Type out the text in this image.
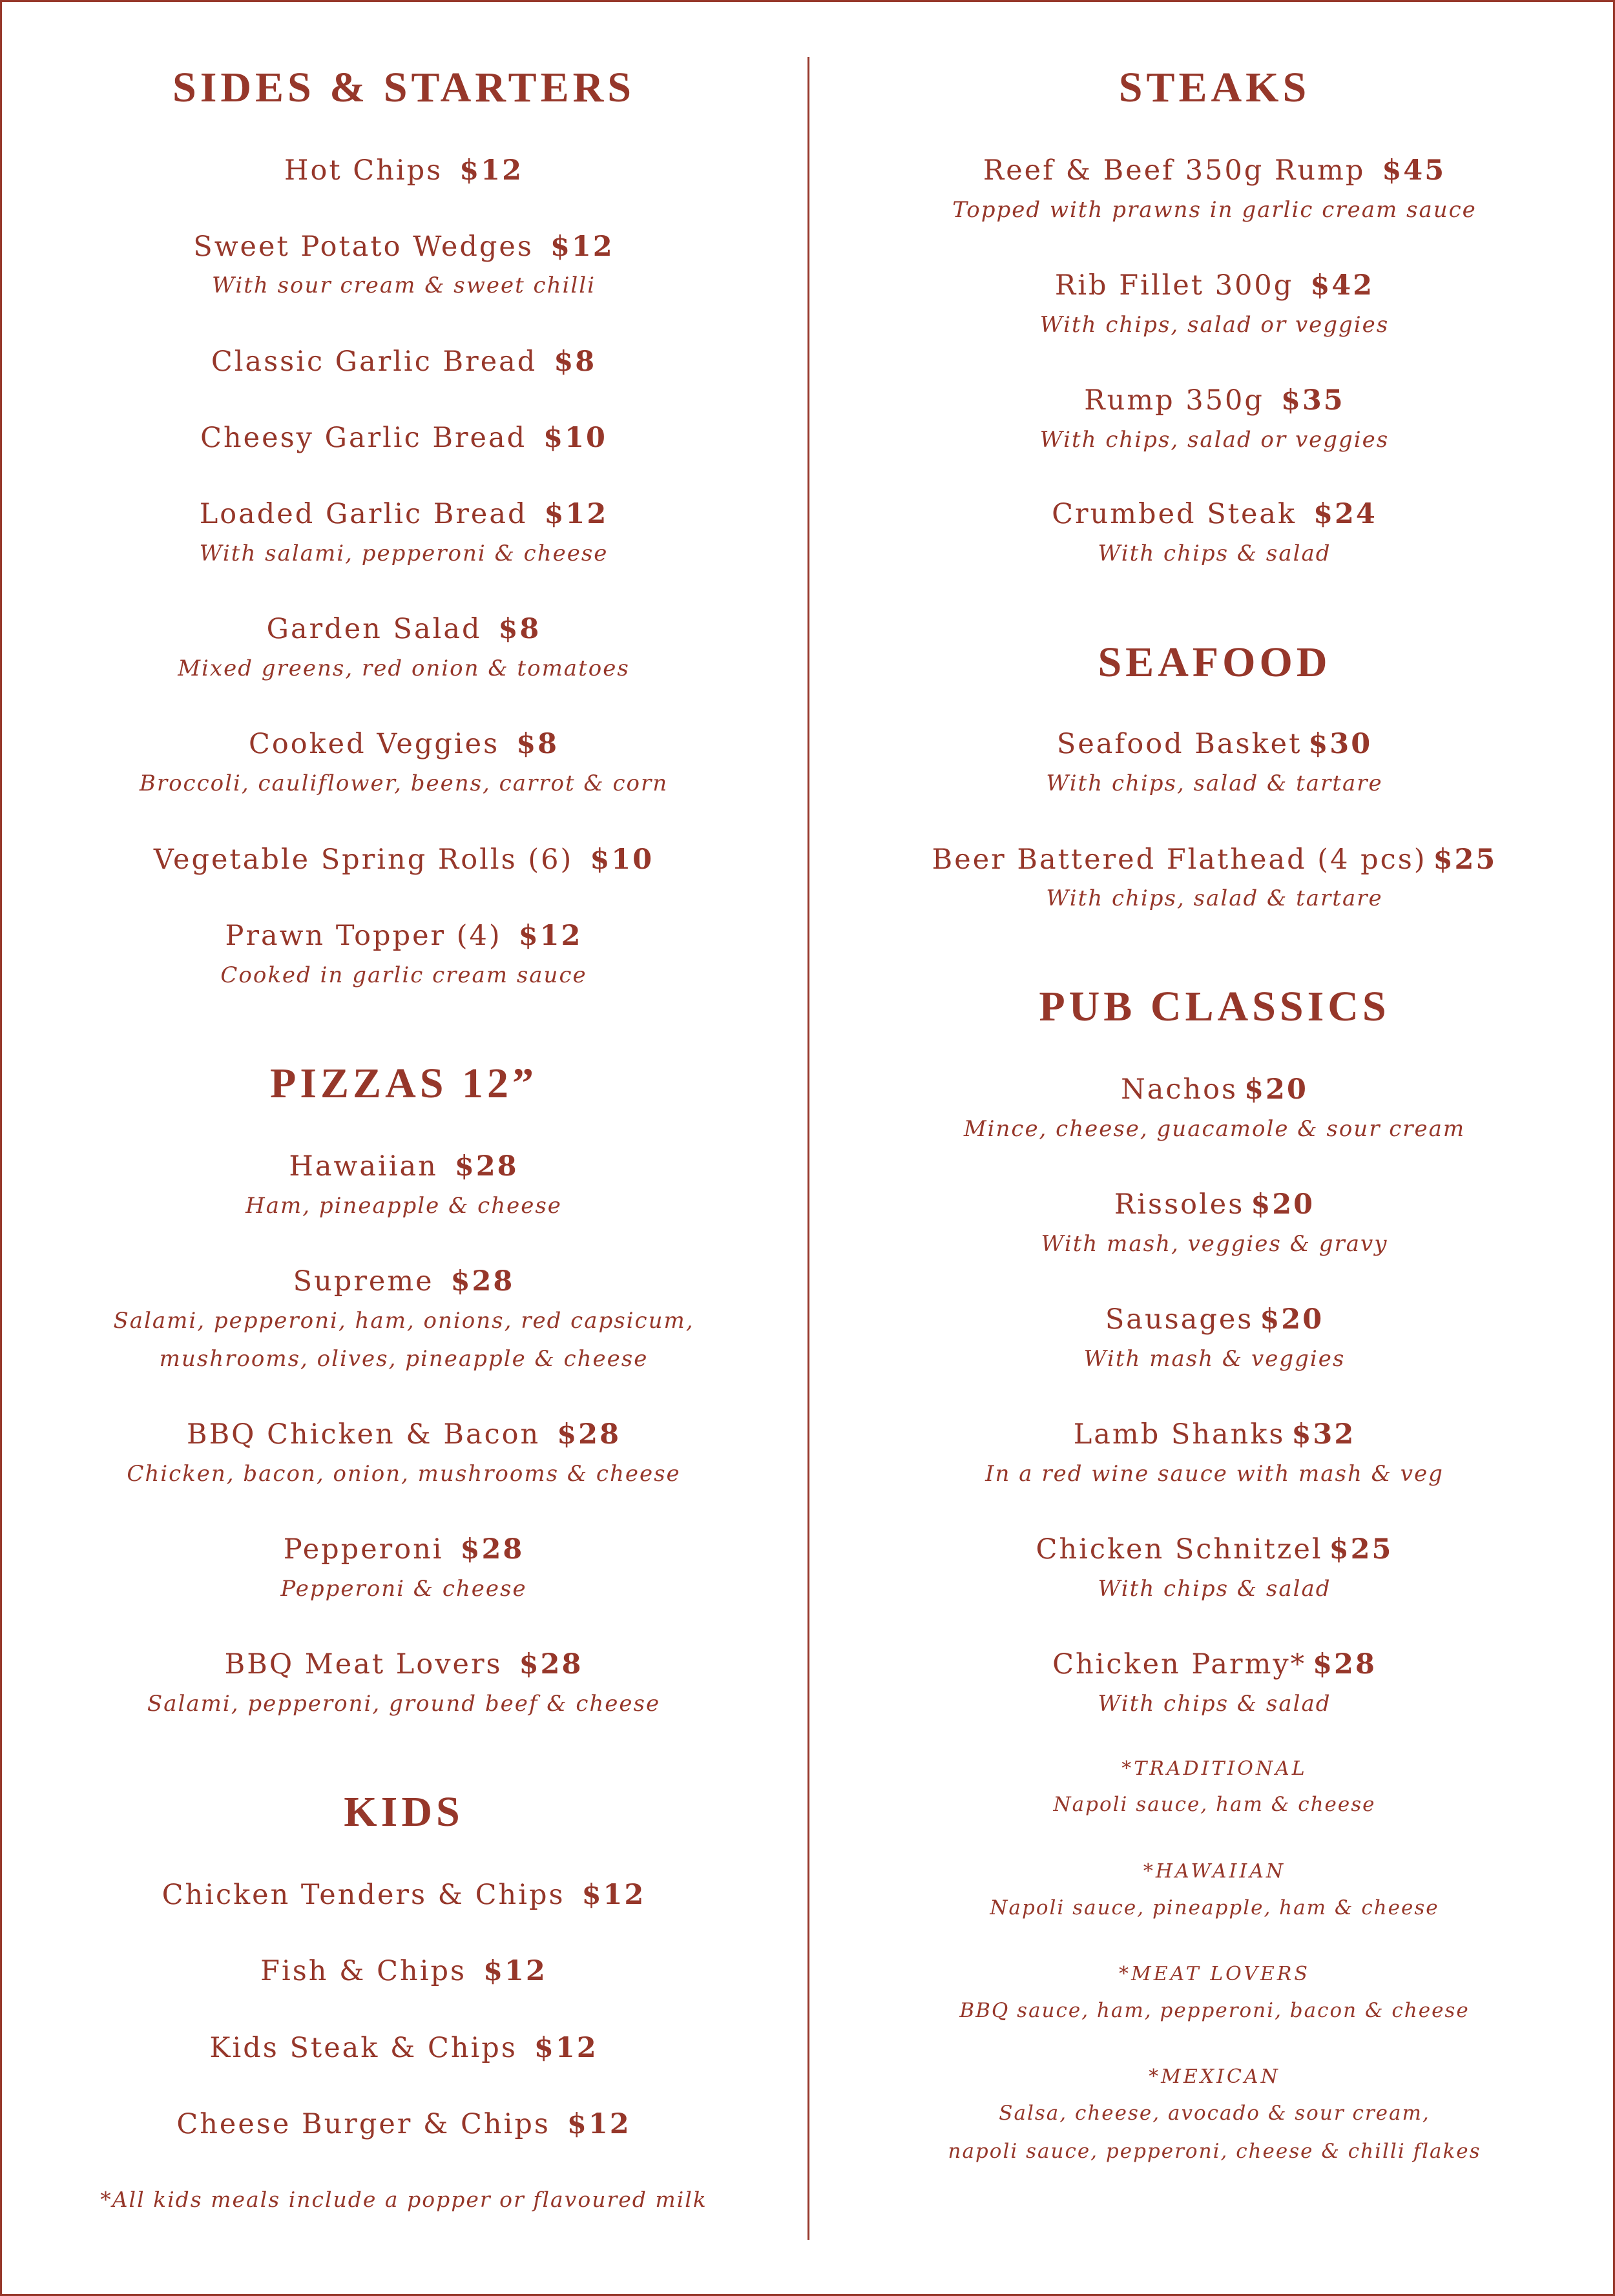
SIDES & STARTERS
Hot Chips $12
Sweet Potato Wedges $12
With sour cream & sweet chilli
Classic Garlic Bread $8
Cheesy Garlic Bread $10
Loaded Garlic Bread $12
With salami, pepperoni & cheese
Garden Salad $8
Mixed greens, red onion & tomatoes
Cooked Veggies $8
Broccoli, cauliflower, beens, carrot & corn
Vegetable Spring Rolls (6) $10
Prawn Topper (4) $12
Cooked in garlic cream sauce
PIZZAS 12”
Hawaiian $28
Ham, pineapple & cheese
Supreme $28
Salami, pepperoni, ham, onions, red capsicum,
mushrooms, olives, pineapple & cheese
BBQ Chicken & Bacon $28
Chicken, bacon, onion, mushrooms & cheese
Pepperoni $28
Pepperoni & cheese
BBQ Meat Lovers $28
Salami, pepperoni, ground beef & cheese
KIDS
Chicken Tenders & Chips $12
Fish & Chips $12
Kids Steak & Chips $12
Cheese Burger & Chips $12
*All kids meals include a popper or flavoured milk
STEAKS
Reef & Beef 350g Rump $45
Topped with prawns in garlic cream sauce
Rib Fillet 300g $42
With chips, salad or veggies
Rump 350g $35
With chips, salad or veggies
Crumbed Steak $24
With chips & salad
SEAFOOD
Seafood Basket $30
With chips, salad & tartare
Beer Battered Flathead (4 pcs) $25
With chips, salad & tartare
PUB CLASSICS
Nachos $20
Mince, cheese, guacamole & sour cream
Rissoles $20
With mash, veggies & gravy
Sausages $20
With mash & veggies
Lamb Shanks $32
In a red wine sauce with mash & veg
Chicken Schnitzel $25
With chips & salad
Chicken Parmy* $28
With chips & salad
*TRADITIONAL
Napoli sauce, ham & cheese
*HAWAIIAN
Napoli sauce, pineapple, ham & cheese
*MEAT LOVERS
BBQ sauce, ham, pepperoni, bacon & cheese
*MEXICAN
Salsa, cheese, avocado & sour cream,
napoli sauce, pepperoni, cheese & chilli flakes
